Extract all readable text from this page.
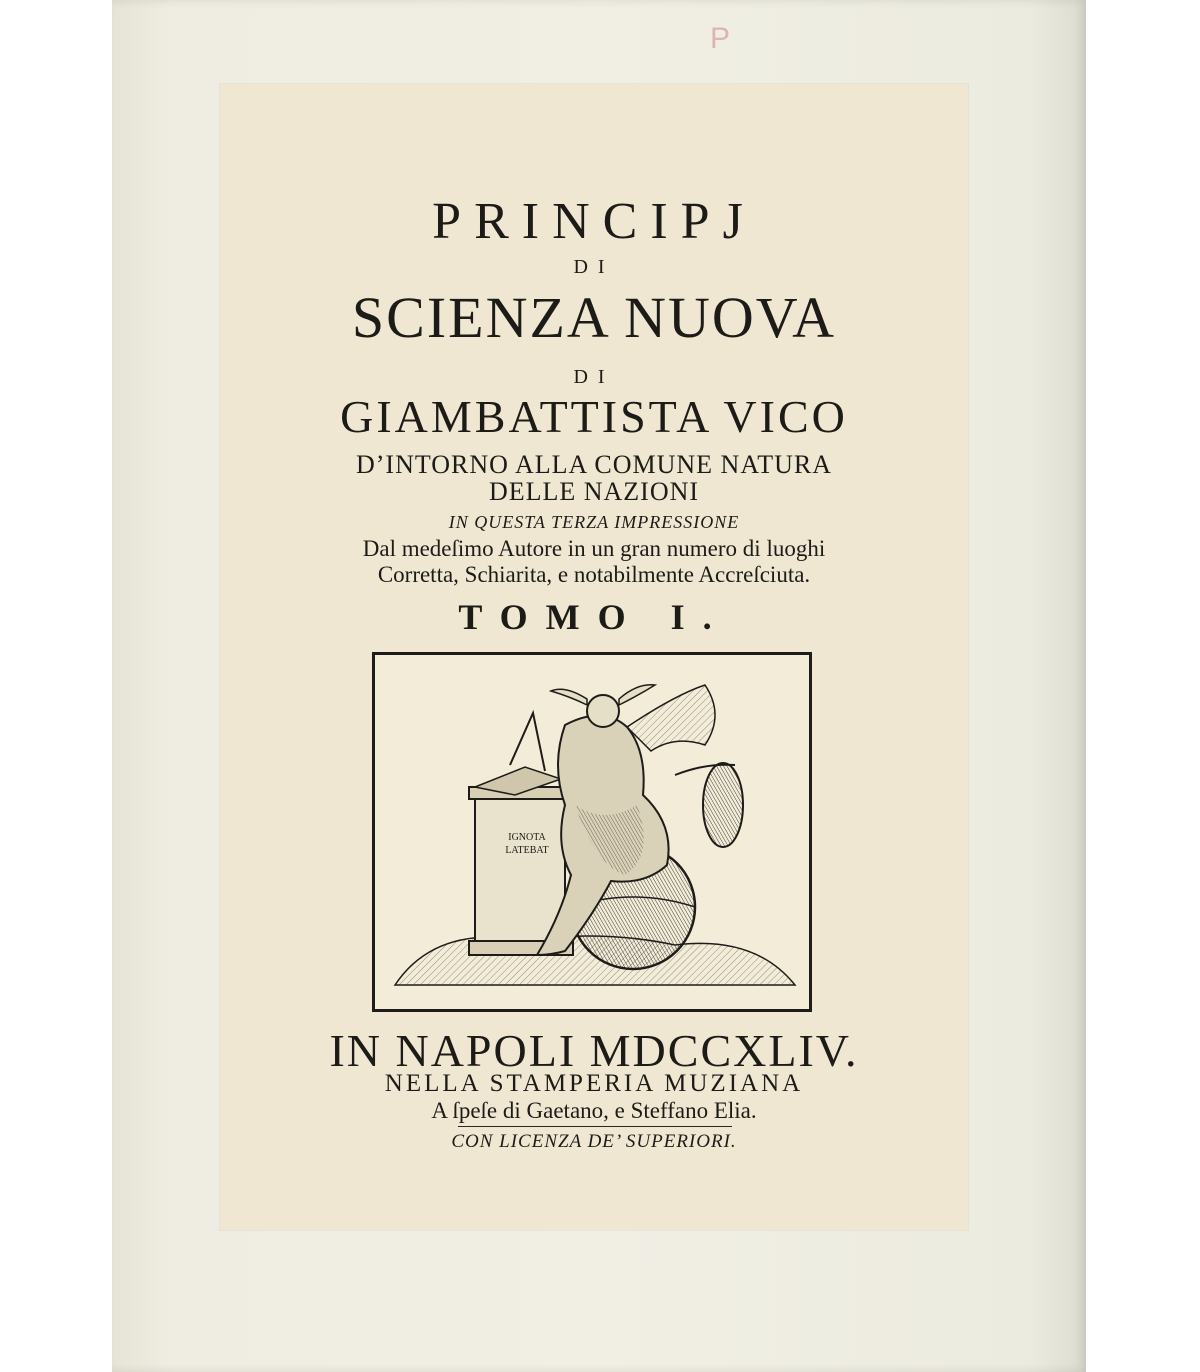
P
PRINCIPJ
DI
SCIENZA NUOVA
DI
GIAMBATTISTA VICO
D’INTORNO ALLA COMUNE NATURA
DELLE NAZIONI
IN QUESTA TERZA IMPRESSIONE
Dal medeſimo Autore in un gran numero di luoghi
Corretta, Schiarita, e notabilmente Accreſciuta.
TOMO I.
IGNOTA
LATEBAT
IN NAPOLI MDCCXLIV.
NELLA STAMPERIA MUZIANA
A ſpeſe di Gaetano, e Steffano Elia.
CON LICENZA DE’ SUPERIORI.
